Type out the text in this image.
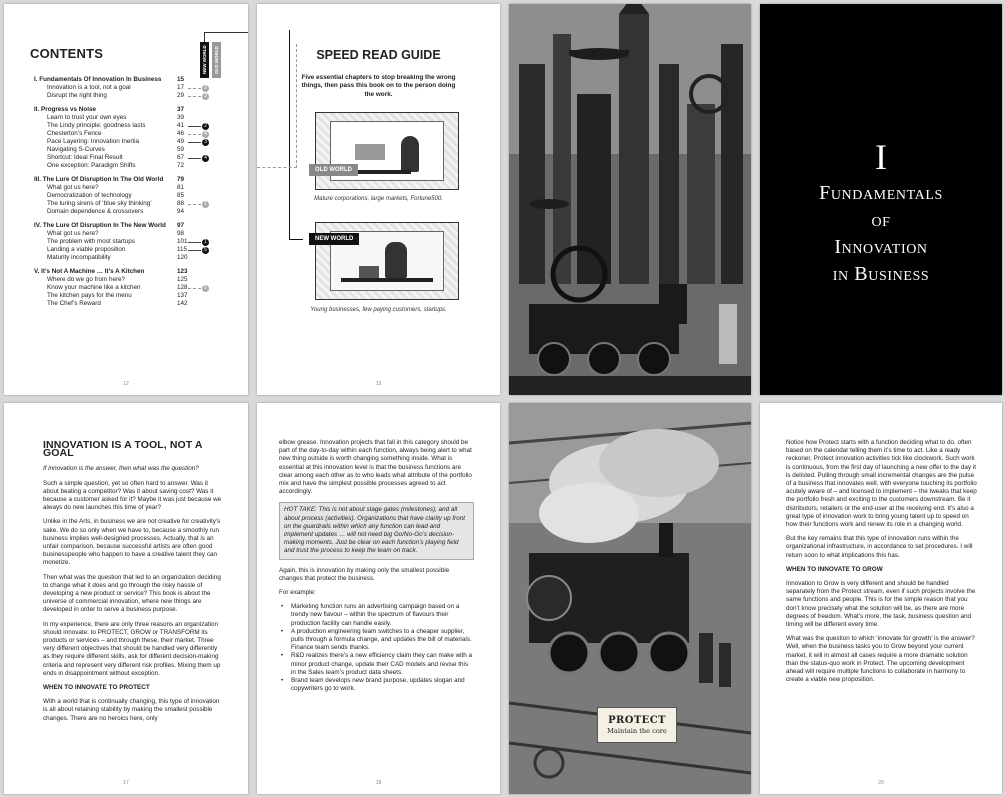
CONTENTS	NEW WORLD	OLD WORLD
I. Fundamentals Of Innovation In Business	15
Innovation is a tool, not a goal	17	2
Disrupt the right thing	29	3
II. Progress vs Noise	37
Learn to trust your own eyes	39
The Lindy principle: goodness lasts	41	2
Chesterton’s Fence	46	4
Pace Layering: Innovation Inertia	49	3
Navigating S-Curves	59
Shortcut: Ideal Final Result	67	4
One exception: Paradigm Shifts	72
III. The Lure Of Disruption In The Old World	79
What got us here?	81
Democratization of technology	85
The luring sirens of ‘blue sky thinking’	88	1
Domain dependence & crossovers	94
IV. The Lure Of Disruption In The New World	97
What got us here?	98
The problem with most startups	101	1
Landing a viable proposition	115	5
Maturity incompatibility	120
V. It’s Not A Machine … It’s A Kitchen	123
Where do we go from here?	125
Know your machine like a kitchen	128	5
The kitchen pays for the menu	137
The Chef’s Reward	142
12
SPEED READ GUIDE
Five essential chapters to stop breaking the wrong things, then pass this book on to the person doing the work.
OLD WORLD
Mature corporations, large markets, Fortune500.
NEW WORLD
Young businesses, few paying customers, startups.
13
I
Fundamentals
of
Innovation
in Business
INNOVATION IS A TOOL, NOT A GOAL

If innovation is the answer, then what was the question?

Such a simple question, yet so often hard to answer. Was it about beating a competitor? Was it about saving cost? Was it because a customer asked for it? Maybe it was just because we always do new launches this time of year?

Unlike in the Arts, in business we are not creative for creativity’s sake. We do so only when we have to, because a smoothly run business implies well-designed processes. Actually, that is an unfair comparison, because successful artists are often good businesspeople who happen to have a creative talent they can monetize.

Then what was the question that led to an organization deciding to change what it does and go through the risky hassle of developing a new product or service? This book is about the universe of commercial innovation, where new things are developed in order to serve a business purpose.

In my experience, there are only three reasons an organization should innovate: to PROTECT, GROW or TRANSFORM its products or services – and through these, their market. Three very different objectives that should be handled very differently as they require different skills, ask for different decision-making criteria and represent very different risk profiles. Mixing them up ends in disappointment without exception.

WHEN TO INNOVATE TO PROTECT

With a world that is continually changing, this type of innovation is all about retaining stability by making the smallest possible changes. There are no heroics here, only

17

elbow grease. Innovation projects that fall in this category should be part of the day-to-day within each function, always being alert to what new thing outside is worth changing something inside. What is essential at this innovation level is that the business functions are clear among each other as to who leads what attribute of the portfolio mix and have the simplest possible processes agreed to act accordingly.

HOT TAKE: This is not about stage gates (milestones), and all about process (activities). Organizations that have clarity up front on the guardrails within which any function can lead and implement updates … will not need big Go/No-Go’s decision-making moments. Just be clear on each function’s playing field and trust the process to keep the team on track.

Again, this is innovation by making only the smallest possible changes that protect the business.

For example:

• Marketing function runs an advertising campaign based on a trendy new flavour – within the spectrum of flavours their production facility can handle easily.
• A production engineering team switches to a cheaper supplier, pulls through a formula change, and updates the bill of materials. Finance team sends thanks.
• R&D realizes there’s a new efficiency claim they can make with a minor product change, update their CAD models and revise this in the Sales team’s product data sheets.
• Brand team develops new brand purpose, updates slogan and copywriters go to work.
18
PROTECT
Maintain the core

Notice how Protect starts with a function deciding what to do, often based on the calendar telling them it’s time to act. Like a ready reckoner, Protect innovation activities tick like clockwork. Such work is continuous, from the first day of launching a new offer to the day it is delisted. Pulling through small incremental changes are the pulse of a business that innovates well, with everyone touching its portfolio acutely aware of – and licensed to implement – the tweaks that keep the portfolio fresh and exciting to the customers downstream. Be it distributors, retailers or the end-user at the receiving end. It’s also a great type of innovation work to bring young talent up to speed on how their functions work and renew its role in a changing world.

But the key remains that this type of innovation runs within the organizational infrastructure, in accordance to set procedures. I will return soon to what implications this has.

WHEN TO INNOVATE TO GROW

Innovation to Grow is very different and should be handled separately from the Protect stream, even if such projects involve the same functions and people. This is for the simple reason that you don’t know precisely what the solution will be, as there are more degrees of freedom. What’s more, the task, business question and timing will be different every time.

What was the question to which ‘innovate for growth’ is the answer? Well, when the business tasks you to Grow beyond your current market, it will in almost all cases require a more dramatic solution than the status-quo work in Protect. The upcoming development ahead will require multiple functions to collaborate in harmony to create a viable new proposition.

20
